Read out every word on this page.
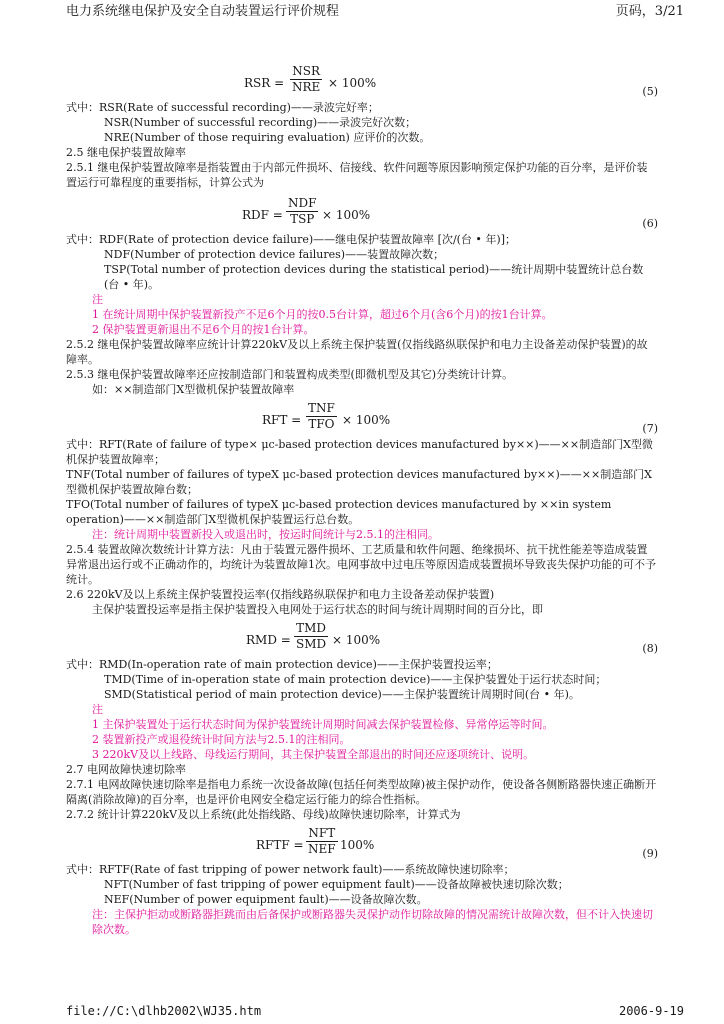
电力系统继电保护及安全自动装置运行评价规程	页码，3/21
RSR =
NSR
NRE × 100%
(5)

式中：RSR(Rate of successful recording)——录波完好率；

NSR(Number of successful recording)——录波完好次数；

NRE(Number of those requiring evaluation) 应评价的次数。

2.5 继电保护装置故障率

2.5.1 继电保护装置故障率是指装置由于内部元件损坏、信接线、软件问题等原因影响预定保护功能的百分率，是评价装置运行可靠程度的重要指标，计算公式为

RDF =
NDF
TSP × 100%
(6)

式中：RDF(Rate of protection device failure)——继电保护装置故障率 [次/(台 • 年)]；

NDF(Number of protection device failures)——装置故障次数；

TSP(Total number of protection devices during the statistical period)——统计周期中装置统计总台数(台 • 年)。

注

1 在统计周期中保护装置新投产不足6个月的按0.5台计算，超过6个月(含6个月)的按1台计算。

2 保护装置更新退出不足6个月的按1台计算。

2.5.2 继电保护装置故障率应统计计算220kV及以上系统主保护装置(仅指线路纵联保护和电力主设备差动保护装置)的故障率。

2.5.3 继电保护装置故障率还应按制造部门和装置构成类型(即微机型及其它)分类统计计算。

如：××制造部门X型微机保护装置故障率

RFT =
TNF
TFO × 100%
(7)

式中：RFT(Rate of failure of type× μc-based protection devices manufactured by××)——××制造部门X型微机保护装置故障率；

TNF(Total number of failures of typeX μc-based protection devices manufactured by××)——××制造部门X型微机保护装置故障台数；

TFO(Total number of failures of typeX μc-based protection devices manufactured by ××in system operation)——××制造部门X型微机保护装置运行总台数。

注：统计周期中装置新投入或退出时，按运时间统计与2.5.1的注相同。

2.5.4 装置故障次数统计计算方法：凡由于装置元器件损坏、工艺质量和软件问题、绝缘损坏、抗干扰性能差等造成装置异常退出运行或不正确动作的，均统计为装置故障1次。电网事故中过电压等原因造成装置损坏导致丧失保护功能的可不予统计。

2.6 220kV及以上系统主保护装置投运率(仅指线路纵联保护和电力主设备差动保护装置)

主保护装置投运率是指主保护装置投入电网处于运行状态的时间与统计周期时间的百分比，即

RMD =
TMD
SMD × 100%
(8)

式中：RMD(In-operation rate of main protection device)——主保护装置投运率；

TMD(Time of in-operation state of main protection device)——主保护装置处于运行状态时间；

SMD(Statistical period of main protection device)——主保护装置统计周期时间(台 • 年)。

注

1 主保护装置处于运行状态时间为保护装置统计周期时间减去保护装置检修、异常停运等时间。

2 装置新投产或退役统计时间方法与2.5.1的注相同。

3 220kV及以上线路、母线运行期间，其主保护装置全部退出的时间还应逐项统计、说明。

2.7 电网故障快速切除率

2.7.1 电网故障快速切除率是指电力系统一次设备故障(包括任何类型故障)被主保护动作，使设备各侧断路器快速正确断开隔离(消除故障)的百分率，也是评价电网安全稳定运行能力的综合性指标。

2.7.2 统计计算220kV及以上系统(此处指线路、母线)故障快速切除率，计算式为

RFTF =
NFT
NEF 100%
(9)

式中：RFTF(Rate of fast tripping of power network fault)——系统故障快速切除率；

NFT(Number of fast tripping of power equipment fault)——设备故障被快速切除次数；

NEF(Number of power equipment fault)——设备故障次数。

注：主保护拒动或断路器拒跳而由后备保护或断路器失灵保护动作切除故障的情况需统计故障次数，但不计入快速切除次数。

file://C:\dlhb2002\WJ35.htm	2006-9-19
